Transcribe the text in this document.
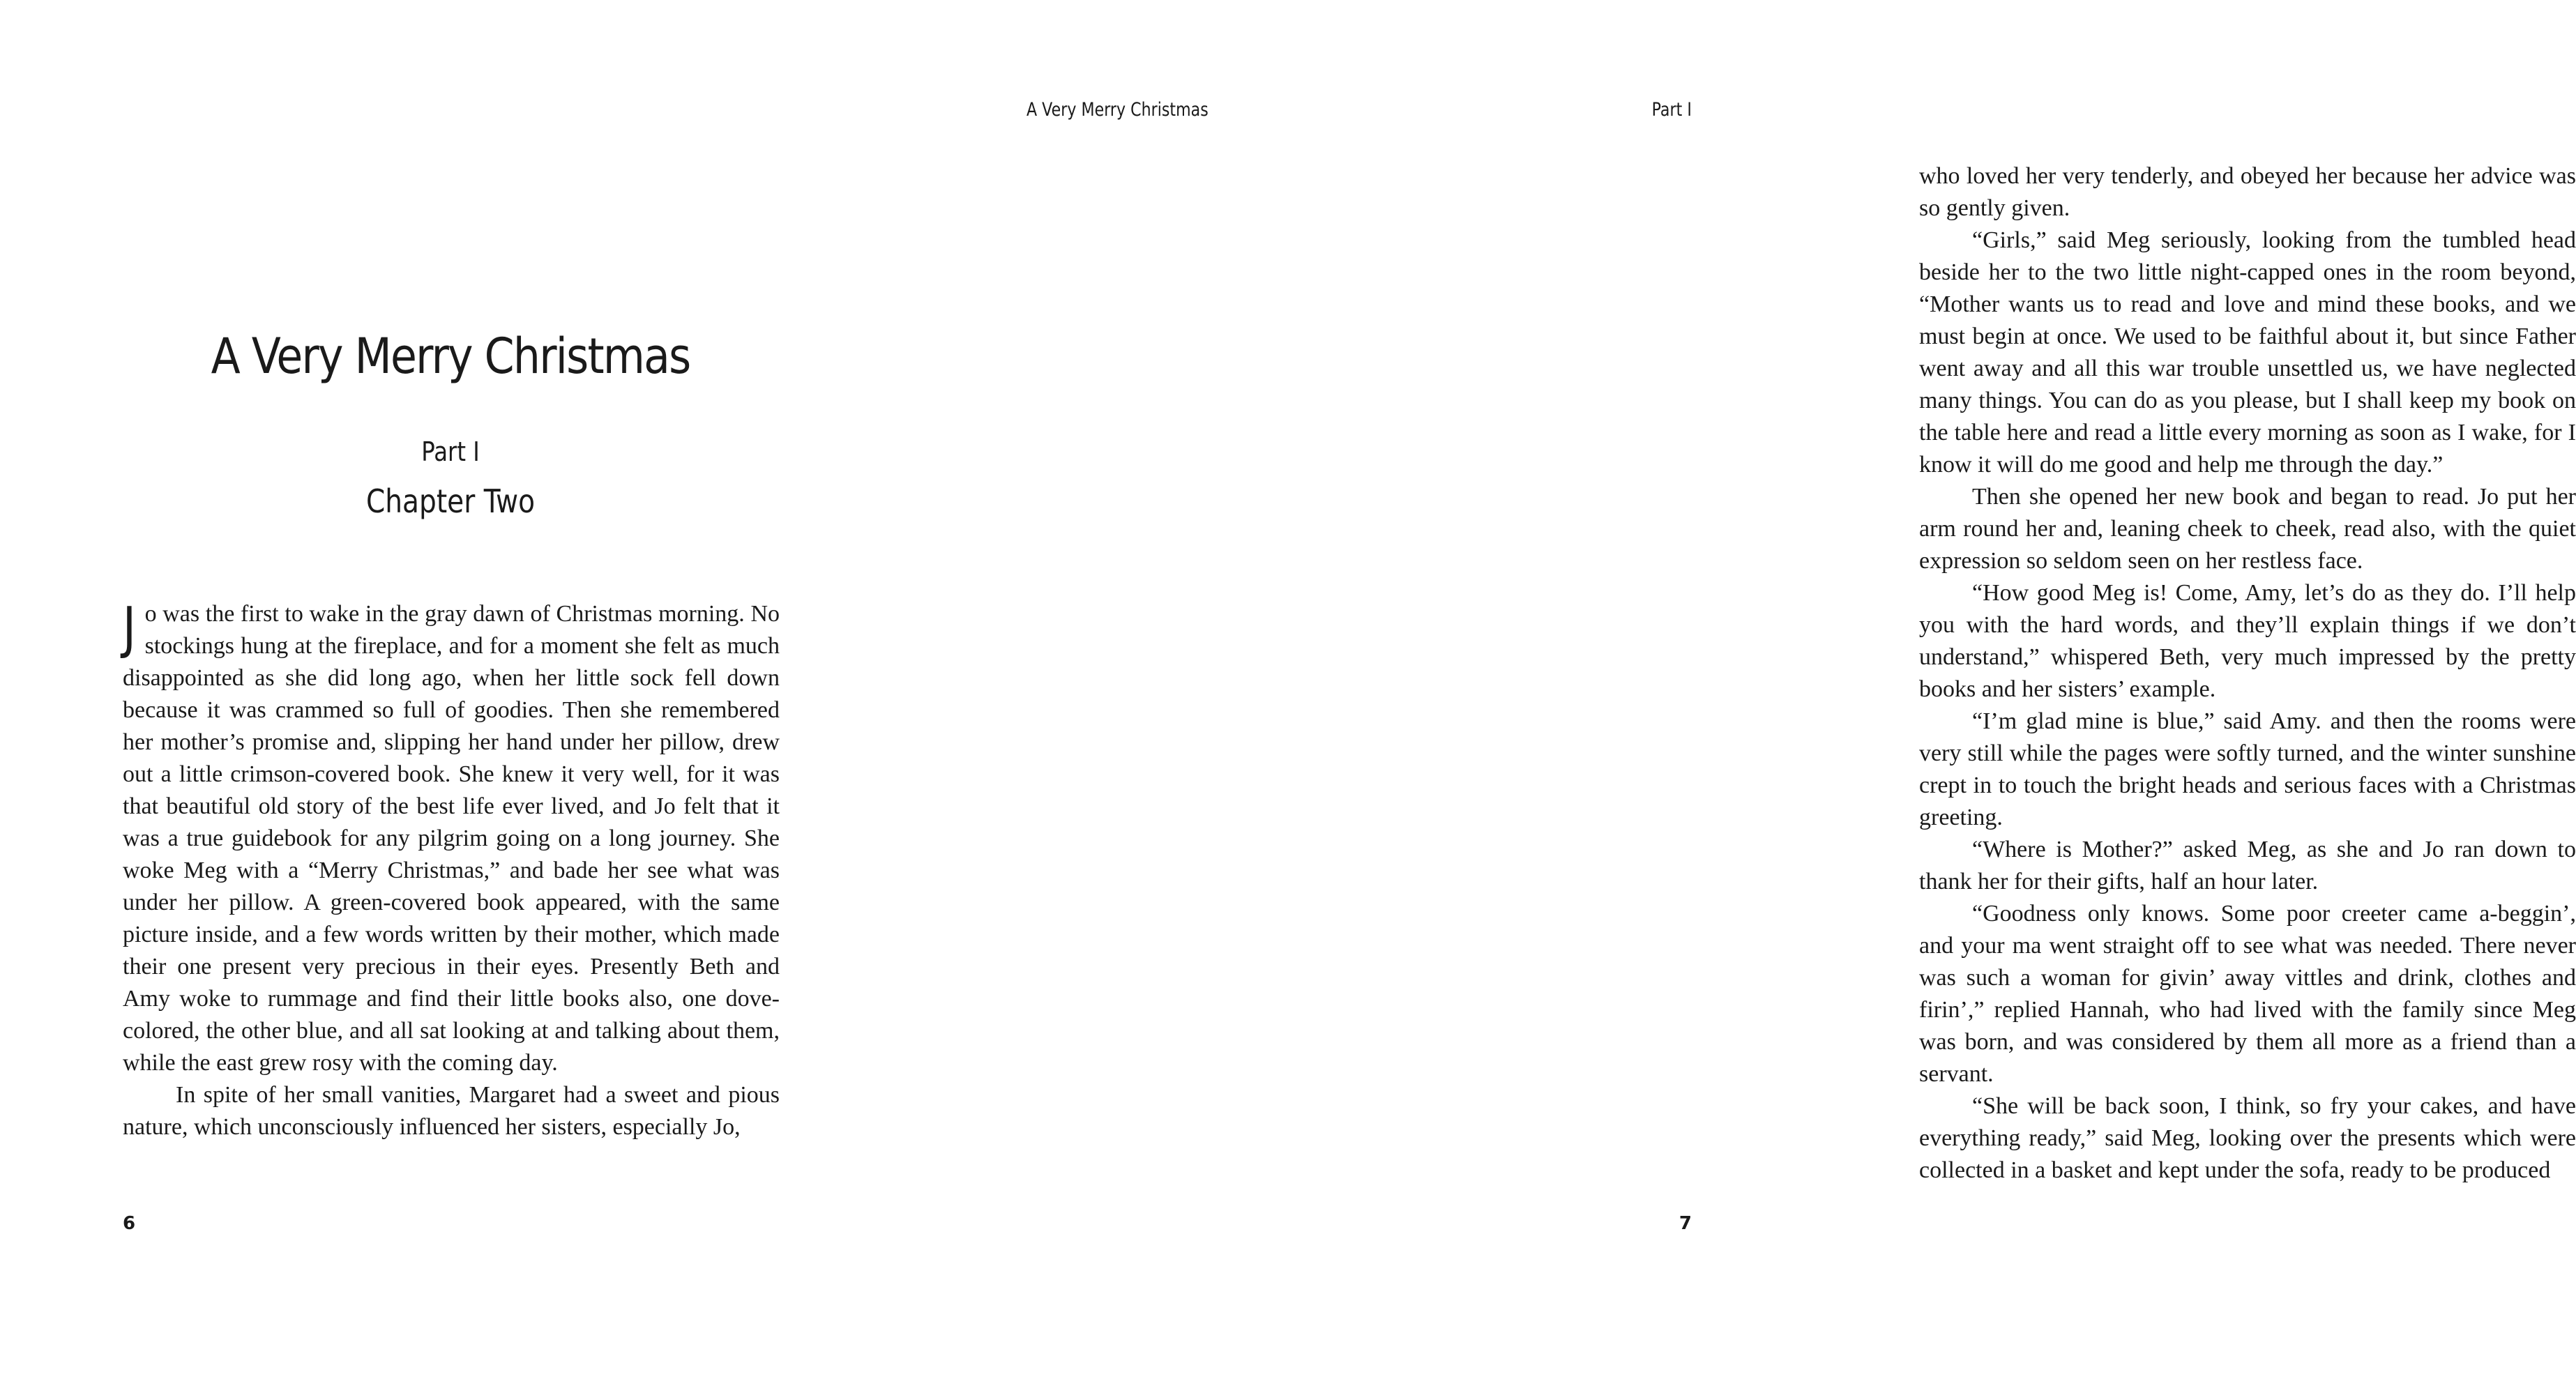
A Very Merry Christmas
Part I
Chapter Two

Jo was the first to wake in the gray dawn of Christmas morning. No stockings hung at the fireplace, and for a moment she felt as much disappointed as she did long ago, when her little sock fell down because it was crammed so full of goodies. Then she remembered her mother’s promise and, slipping her hand under her pillow, drew out a little crimson-covered book. She knew it very well, for it was that beautiful old story of the best life ever lived, and Jo felt that it was a true guidebook for any pilgrim going on a long journey. She woke Meg with a “Merry Christmas,” and bade her see what was under her pillow. A green-covered book appeared, with the same picture inside, and a few words written by their mother, which made their one present very precious in their eyes. Presently Beth and Amy woke to rummage and find their little books also, one dove-colored, the other blue, and all sat looking at and talking about them, while the east grew rosy with the coming day.

In spite of her small vanities, Margaret had a sweet and pious nature, which unconsciously influenced her sisters, especially Jo,

6
A Very Merry Christmas	Part I

who loved her very tenderly, and obeyed her because her advice was so gently given.

“Girls,” said Meg seriously, looking from the tumbled head beside her to the two little night-capped ones in the room beyond, “Mother wants us to read and love and mind these books, and we must begin at once. We used to be faithful about it, but since Father went away and all this war trouble unsettled us, we have neglected many things. You can do as you please, but I shall keep my book on the table here and read a little every morning as soon as I wake, for I know it will do me good and help me through the day.”

Then she opened her new book and began to read. Jo put her arm round her and, leaning cheek to cheek, read also, with the quiet expression so seldom seen on her restless face.

“How good Meg is! Come, Amy, let’s do as they do. I’ll help you with the hard words, and they’ll explain things if we don’t understand,” whispered Beth, very much impressed by the pretty books and her sisters’ example.

“I’m glad mine is blue,” said Amy. and then the rooms were very still while the pages were softly turned, and the winter sunshine crept in to touch the bright heads and serious faces with a Christmas greeting.

“Where is Mother?” asked Meg, as she and Jo ran down to thank her for their gifts, half an hour later.

“Goodness only knows. Some poor creeter came a-beggin’, and your ma went straight off to see what was needed. There never was such a woman for givin’ away vittles and drink, clothes and firin’,” replied Hannah, who had lived with the family since Meg was born, and was considered by them all more as a friend than a servant.

“She will be back soon, I think, so fry your cakes, and have everything ready,” said Meg, looking over the presents which were collected in a basket and kept under the sofa, ready to be produced

7
